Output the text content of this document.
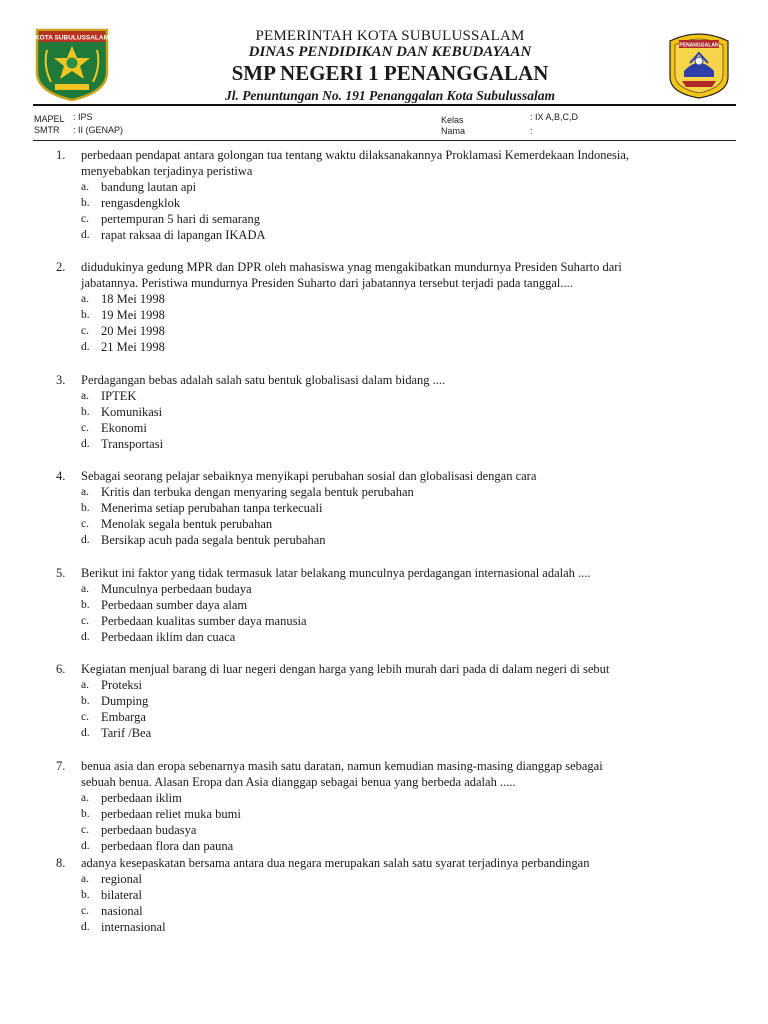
KOTA SUBULUSSALAM	PEMERINTAH KOTA SUBULUSSALAM
DINAS PENDIDIKAN DAN KEBUDAYAAN
SMP NEGERI 1 PENANGGALAN
Jl. Penuntungan No. 191 Penanggalan Kota Subulussalam
PENANGGALAN
MAPEL : IPS
SMTR : II (GENAP)
Kelas	: IX A,B,C,D
Nama	:
1. perbedaan pendapat antara golongan tua tentang waktu dilaksanakannya Proklamasi Kemerdekaan Indonesia,
menyebabkan terjadinya peristiwa
a. bandung lautan api
b. rengasdengklok
c. pertempuran 5 hari di semarang
d. rapat raksaa di lapangan IKADA
2. didudukinya gedung MPR dan DPR oleh mahasiswa ynag mengakibatkan mundurnya Presiden Suharto dari
jabatannya. Peristiwa mundurnya Presiden Suharto dari jabatannya tersebut terjadi pada tanggal....
a. 18 Mei 1998
b. 19 Mei 1998
c. 20 Mei 1998
d. 21 Mei 1998
3. Perdagangan bebas adalah salah satu bentuk globalisasi dalam bidang ....
a. IPTEK
b. Komunikasi
c. Ekonomi
d. Transportasi
4. Sebagai seorang pelajar sebaiknya menyikapi perubahan sosial dan globalisasi dengan cara
a. Kritis dan terbuka dengan menyaring segala bentuk perubahan
b. Menerima setiap perubahan tanpa terkecuali
c. Menolak segala bentuk perubahan
d. Bersikap acuh pada segala bentuk perubahan
5. Berikut ini faktor yang tidak termasuk latar belakang munculnya perdagangan internasional adalah ....
a. Munculnya perbedaan budaya
b. Perbedaan sumber daya alam
c. Perbedaan kualitas sumber daya manusia
d. Perbedaan iklim dan cuaca
6. Kegiatan menjual barang di luar negeri dengan harga yang lebih murah dari pada di dalam negeri di sebut
a. Proteksi
b. Dumping
c. Embarga
d. Tarif /Bea
7. benua asia dan eropa sebenarnya masih satu daratan, namun kemudian masing-masing dianggap sebagai
sebuah benua. Alasan Eropa dan Asia dianggap sebagai benua yang berbeda adalah .....
a. perbedaan iklim
b. perbedaan reliet muka bumi
c. perbedaan budasya
d. perbedaan flora dan pauna
8. adanya kesepaskatan bersama antara dua negara merupakan salah satu syarat terjadinya perbandingan
a. regional
b. bilateral
c. nasional
d. internasional
